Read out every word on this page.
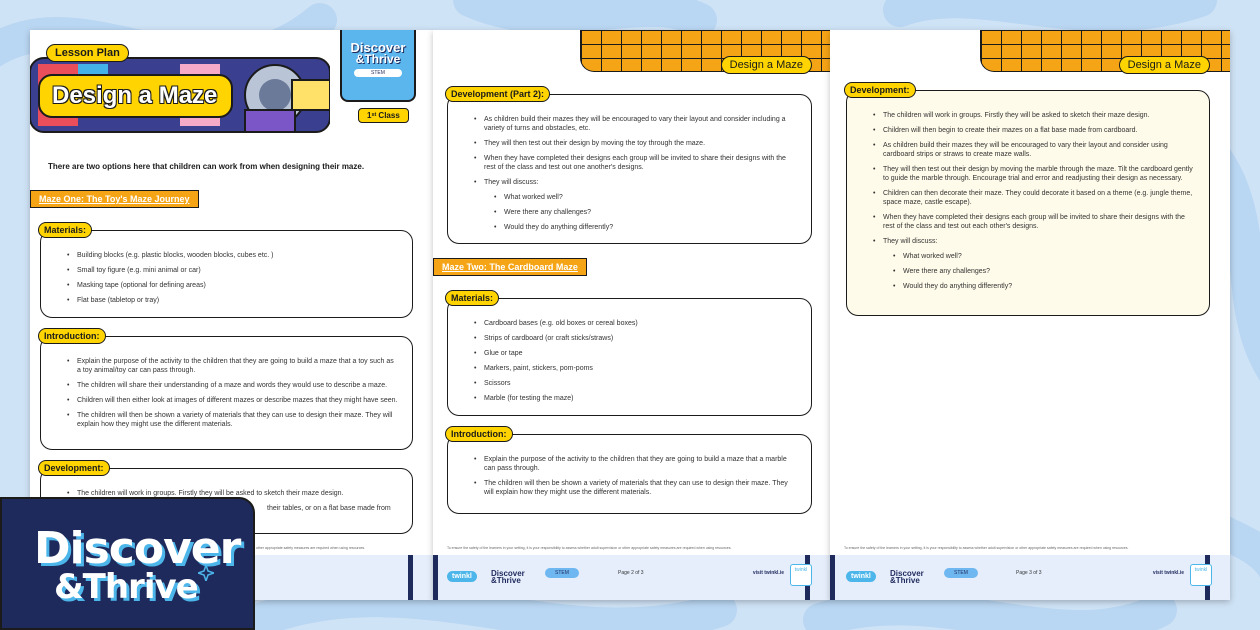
Lesson Plan
Design a Maze
Discover
&Thrive
STEM
1ˢᵗ Class
There are two options here that children can work from when designing their maze.
Maze One: The Toy's Maze Journey
Materials:
• Building blocks (e.g. plastic blocks, wooden blocks, cubes etc. )
• Small toy figure (e.g. mini animal or car)
• Masking tape (optional for defining areas)
• Flat base (tabletop or tray)
Introduction:
• Explain the purpose of the activity to the children that they are going to build a maze that a toy such as a toy animal/toy car can pass through.
• The children will share their understanding of a maze and words they would use to describe a maze.
• Children will then either look at images of different mazes or describe mazes that they might have seen.
• The children will then be shown a variety of materials that they can use to design their maze. They will explain how they might use the different materials.
Development:
• The children will work in groups. Firstly they will be asked to sketch their maze design.
• their tables, or on a flat base made from
other appropriate safety measures are required when using resources.
Design a Maze
Development (Part 2):
• As children build their mazes they will be encouraged to vary their layout and consider including a variety of turns and obstacles, etc.
• They will then test out their design by moving the toy through the maze.
• When they have completed their designs each group will be invited to share their designs with the rest of the class and test out one another's designs.
• They will discuss:
• What worked well?
• Were there any challenges?
• Would they do anything differently?
Maze Two: The Cardboard Maze
Materials:
• Cardboard bases (e.g. old boxes or cereal boxes)
• Strips of cardboard (or craft sticks/straws)
• Glue or tape
• Markers, paint, stickers, pom-poms
• Scissors
• Marble (for testing the maze)
Introduction:
• Explain the purpose of the activity to the children that they are going to build a maze that a marble can pass through.
• The children will then be shown a variety of materials that they can use to design their maze. They will explain how they might use the different materials.
To ensure the safety of the learners in your setting, it is your responsibility to assess whether adult supervision or other appropriate safety measures are required when using resources.
twinkl	Discover
&Thrive
STEM	Page 2 of 3	visit twinkl.ie	twinkl
Design a Maze
Development:
• The children will work in groups. Firstly they will be asked to sketch their maze design.
• Children will then begin to create their mazes on a flat base made from cardboard.
• As children build their mazes they will be encouraged to vary their layout and consider using cardboard strips or straws to create maze walls.
• They will then test out their design by moving the marble through the maze. Tilt the cardboard gently to guide the marble through. Encourage trial and error and readjusting their design as necessary.
• Children can then decorate their maze. They could decorate it based on a theme (e.g. jungle theme, space maze, castle escape).
• When they have completed their designs each group will be invited to share their designs with the rest of the class and test out each other's designs.
• They will discuss:
• What worked well?
• Were there any challenges?
• Would they do anything differently?
To ensure the safety of the learners in your setting, it is your responsibility to assess whether adult supervision or other appropriate safety measures are required when using resources.
twinkl	Discover
&Thrive
STEM	Page 3 of 3	visit twinkl.ie	twinkl
Discover
&Thrive
